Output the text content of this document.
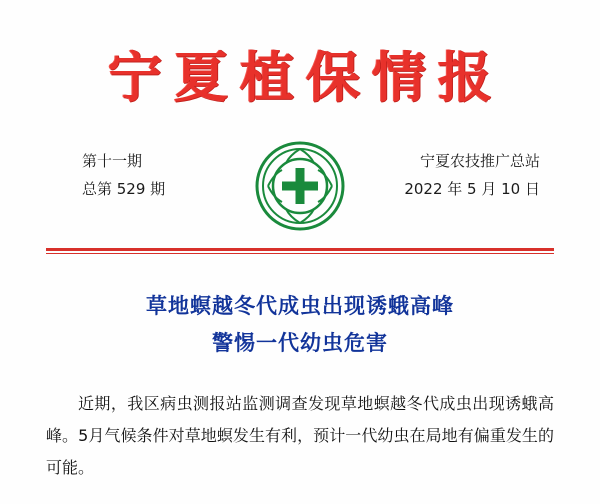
宁夏植保情报
第十一期
总第 529 期
宁夏农技推广总站
2022 年 5 月 10 日
草地螟越冬代成虫出现诱蛾高峰
警惕一代幼虫危害

近期，我区病虫测报站监测调查发现草地螟越冬代成虫出现诱蛾高峰。5月气候条件对草地螟发生有利，预计一代幼虫在局地有偏重发生的可能。
